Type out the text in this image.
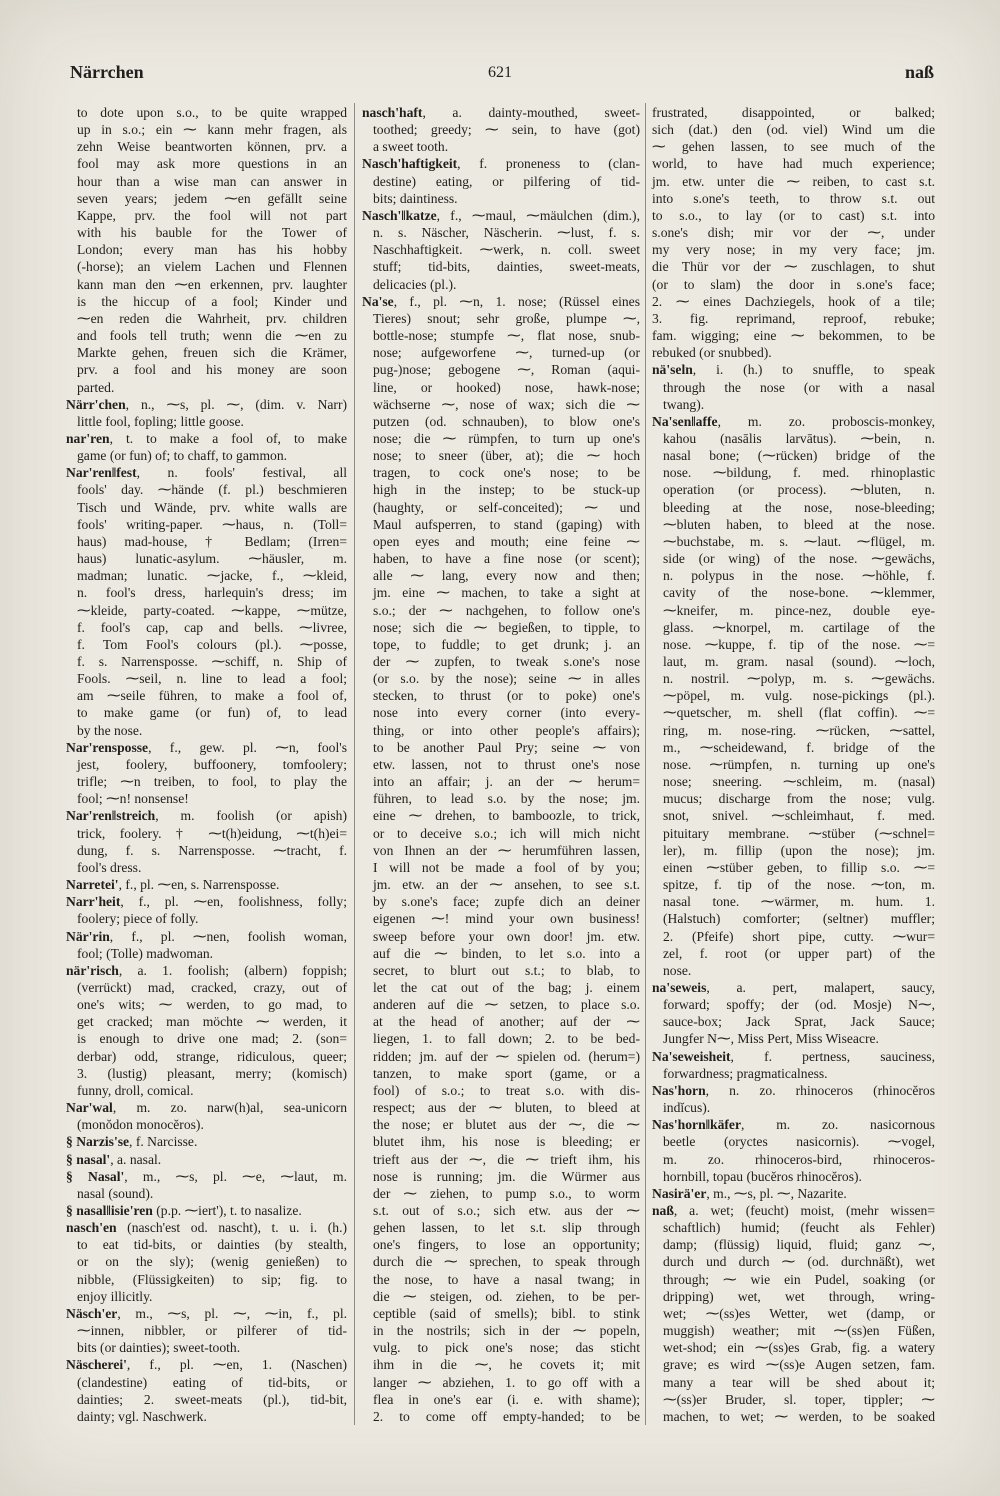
Närrchen	621	naß
to dote upon s.o., to be quite wrapped
up in s.o.; ein ⁓ kann mehr fragen, als
zehn Weise beantworten können, prv. a
fool may ask more questions in an
hour than a wise man can answer in
seven years; jedem ⁓en gefällt seine
Kappe, prv. the fool will not part
with his bauble for the Tower of
London; every man has his hobby
(-horse); an vielem Lachen und Flennen
kann man den ⁓en erkennen, prv. laughter
is the hiccup of a fool; Kinder und
⁓en reden die Wahrheit, prv. children
and fools tell truth; wenn die ⁓en zu
Markte gehen, freuen sich die Krämer,
prv. a fool and his money are soon
parted.
Närr'chen, n., ⁓s, pl. ⁓, (dim. v. Narr)
little fool, fopling; little goose.
nar'ren, t. to make a fool of, to make
game (or fun) of; to chaff, to gammon.
Nar'ren‖fest, n. fools' festival, all
fools' day. ⁓hände (f. pl.) beschmieren
Tisch und Wände, prv. white walls are
fools' writing-paper. ⁓haus, n. (Toll=
haus) mad-house, † Bedlam; (Irren=
haus) lunatic-asylum. ⁓häusler, m.
madman; lunatic. ⁓jacke, f., ⁓kleid,
n. fool's dress, harlequin's dress; im
⁓kleide, party-coated. ⁓kappe, ⁓mütze,
f. fool's cap, cap and bells. ⁓livree,
f. Tom Fool's colours (pl.). ⁓posse,
f. s. Narrensposse. ⁓schiff, n. Ship of
Fools. ⁓seil, n. line to lead a fool;
am ⁓seile führen, to make a fool of,
to make game (or fun) of, to lead
by the nose.
Nar'rensposse, f., gew. pl. ⁓n, fool's
jest, foolery, buffoonery, tomfoolery;
trifle; ⁓n treiben, to fool, to play the
fool; ⁓n! nonsense!
Nar'ren‖streich, m. foolish (or apish)
trick, foolery. † ⁓t(h)eidung, ⁓t(h)ei=
dung, f. s. Narrensposse. ⁓tracht, f.
fool's dress.
Narretei', f., pl. ⁓en, s. Narrensposse.
Narr'heit, f., pl. ⁓en, foolishness, folly;
foolery; piece of folly.
När'rin, f., pl. ⁓nen, foolish woman,
fool; (Tolle) madwoman.
när'risch, a. 1. foolish; (albern) foppish;
(verrückt) mad, cracked, crazy, out of
one's wits; ⁓ werden, to go mad, to
get cracked; man möchte ⁓ werden, it
is enough to drive one mad; 2. (son=
derbar) odd, strange, ridiculous, queer;
3. (lustig) pleasant, merry; (komisch)
funny, droll, comical.
Nar'wal, m. zo. narw(h)al, sea-unicorn
(monŏdon monocĕros).
§ Narzis'se, f. Narcisse.
§ nasal', a. nasal.
§ Nasal', m., ⁓s, pl. ⁓e, ⁓laut, m.
nasal (sound).
§ nasal‖isie'ren (p.p. ⁓iert'), t. to nasalize.
nasch'en (nasch'est od. nascht), t. u. i. (h.)
to eat tid-bits, or dainties (by stealth,
or on the sly); (wenig genießen) to
nibble, (Flüssigkeiten) to sip; fig. to
enjoy illicitly.
Näsch'er, m., ⁓s, pl. ⁓, ⁓in, f., pl.
⁓innen, nibbler, or pilferer of tid-
bits (or dainties); sweet-tooth.
Näscherei', f., pl. ⁓en, 1. (Naschen)
(clandestine) eating of tid-bits, or
dainties; 2. sweet-meats (pl.), tid-bit,
dainty; vgl. Naschwerk.
nasch'haft, a. dainty-mouthed, sweet-
toothed; greedy; ⁓ sein, to have (got)
a sweet tooth.
Nasch'haftigkeit, f. proneness to (clan-
destine) eating, or pilfering of tid-
bits; daintiness.
Nasch'‖katze, f., ⁓maul, ⁓mäulchen (dim.),
n. s. Näscher, Näscherin. ⁓lust, f. s.
Naschhaftigkeit. ⁓werk, n. coll. sweet
stuff; tid-bits, dainties, sweet-meats,
delicacies (pl.).
Na'se, f., pl. ⁓n, 1. nose; (Rüssel eines
Tieres) snout; sehr große, plumpe ⁓,
bottle-nose; stumpfe ⁓, flat nose, snub-
nose; aufgeworfene ⁓, turned-up (or
pug-)nose; gebogene ⁓, Roman (aqui-
line, or hooked) nose, hawk-nose;
wächserne ⁓, nose of wax; sich die ⁓
putzen (od. schnauben), to blow one's
nose; die ⁓ rümpfen, to turn up one's
nose; to sneer (über, at); die ⁓ hoch
tragen, to cock one's nose; to be
high in the instep; to be stuck-up
(haughty, or self-conceited); ⁓ und
Maul aufsperren, to stand (gaping) with
open eyes and mouth; eine feine ⁓
haben, to have a fine nose (or scent);
alle ⁓ lang, every now and then;
jm. eine ⁓ machen, to take a sight at
s.o.; der ⁓ nachgehen, to follow one's
nose; sich die ⁓ begießen, to tipple, to
tope, to fuddle; to get drunk; j. an
der ⁓ zupfen, to tweak s.one's nose
(or s.o. by the nose); seine ⁓ in alles
stecken, to thrust (or to poke) one's
nose into every corner (into every-
thing, or into other people's affairs);
to be another Paul Pry; seine ⁓ von
etw. lassen, not to thrust one's nose
into an affair; j. an der ⁓ herum=
führen, to lead s.o. by the nose; jm.
eine ⁓ drehen, to bamboozle, to trick,
or to deceive s.o.; ich will mich nicht
von Ihnen an der ⁓ herumführen lassen,
I will not be made a fool of by you;
jm. etw. an der ⁓ ansehen, to see s.t.
by s.one's face; zupfe dich an deiner
eigenen ⁓! mind your own business!
sweep before your own door! jm. etw.
auf die ⁓ binden, to let s.o. into a
secret, to blurt out s.t.; to blab, to
let the cat out of the bag; j. einem
anderen auf die ⁓ setzen, to place s.o.
at the head of another; auf der ⁓
liegen, 1. to fall down; 2. to be bed-
ridden; jm. auf der ⁓ spielen od. (herum=)
tanzen, to make sport (game, or a
fool) of s.o.; to treat s.o. with dis-
respect; aus der ⁓ bluten, to bleed at
the nose; er blutet aus der ⁓, die ⁓
blutet ihm, his nose is bleeding; er
trieft aus der ⁓, die ⁓ trieft ihm, his
nose is running; jm. die Würmer aus
der ⁓ ziehen, to pump s.o., to worm
s.t. out of s.o.; sich etw. aus der ⁓
gehen lassen, to let s.t. slip through
one's fingers, to lose an opportunity;
durch die ⁓ sprechen, to speak through
the nose, to have a nasal twang; in
die ⁓ steigen, od. ziehen, to be per-
ceptible (said of smells); bibl. to stink
in the nostrils; sich in der ⁓ popeln,
vulg. to pick one's nose; das sticht
ihm in die ⁓, he covets it; mit
langer ⁓ abziehen, 1. to go off with a
flea in one's ear (i. e. with shame);
2. to come off empty-handed; to be
frustrated, disappointed, or balked;
sich (dat.) den (od. viel) Wind um die
⁓ gehen lassen, to see much of the
world, to have had much experience;
jm. etw. unter die ⁓ reiben, to cast s.t.
into s.one's teeth, to throw s.t. out
to s.o., to lay (or to cast) s.t. into
s.one's dish; mir vor der ⁓, under
my very nose; in my very face; jm.
die Thür vor der ⁓ zuschlagen, to shut
(or to slam) the door in s.one's face;
2. ⁓ eines Dachziegels, hook of a tile;
3. fig. reprimand, reproof, rebuke;
fam. wigging; eine ⁓ bekommen, to be
rebuked (or snubbed).
nä'seln, i. (h.) to snuffle, to speak
through the nose (or with a nasal
twang).
Na'sen‖affe, m. zo. proboscis-monkey,
kahou (nasālis larvātus). ⁓bein, n.
nasal bone; (⁓rücken) bridge of the
nose. ⁓bildung, f. med. rhinoplastic
operation (or process). ⁓bluten, n.
bleeding at the nose, nose-bleeding;
⁓bluten haben, to bleed at the nose.
⁓buchstabe, m. s. ⁓laut. ⁓flügel, m.
side (or wing) of the nose. ⁓gewächs,
n. polypus in the nose. ⁓höhle, f.
cavity of the nose-bone. ⁓klemmer,
⁓kneifer, m. pince-nez, double eye-
glass. ⁓knorpel, m. cartilage of the
nose. ⁓kuppe, f. tip of the nose. ⁓=
laut, m. gram. nasal (sound). ⁓loch,
n. nostril. ⁓polyp, m. s. ⁓gewächs.
⁓pöpel, m. vulg. nose-pickings (pl.).
⁓quetscher, m. shell (flat coffin). ⁓=
ring, m. nose-ring. ⁓rücken, ⁓sattel,
m., ⁓scheidewand, f. bridge of the
nose. ⁓rümpfen, n. turning up one's
nose; sneering. ⁓schleim, m. (nasal)
mucus; discharge from the nose; vulg.
snot, snivel. ⁓schleimhaut, f. med.
pituitary membrane. ⁓stüber (⁓schnel=
ler), m. fillip (upon the nose); jm.
einen ⁓stüber geben, to fillip s.o. ⁓=
spitze, f. tip of the nose. ⁓ton, m.
nasal tone. ⁓wärmer, m. hum. 1.
(Halstuch) comforter; (seltner) muffler;
2. (Pfeife) short pipe, cutty. ⁓wur=
zel, f. root (or upper part) of the
nose.
na'seweis, a. pert, malapert, saucy,
forward; spoffy; der (od. Mosje) N⁓,
sauce-box; Jack Sprat, Jack Sauce;
Jungfer N⁓, Miss Pert, Miss Wiseacre.
Na'seweisheit, f. pertness, sauciness,
forwardness; pragmaticalness.
Nas'horn, n. zo. rhinoceros (rhinocĕros
indĭcus).
Nas'horn‖käfer, m. zo. nasicornous
beetle (oryctes nasicornis). ⁓vogel,
m. zo. rhinoceros-bird, rhinoceros-
hornbill, topau (bucĕros rhinocĕros).
Nasirä'er, m., ⁓s, pl. ⁓, Nazarite.
naß, a. wet; (feucht) moist, (mehr wissen=
schaftlich) humid; (feucht als Fehler)
damp; (flüssig) liquid, fluid; ganz ⁓,
durch und durch ⁓ (od. durchnäßt), wet
through; ⁓ wie ein Pudel, soaking (or
dripping) wet, wet through, wring-
wet; ⁓(ss)es Wetter, wet (damp, or
muggish) weather; mit ⁓(ss)en Füßen,
wet-shod; ein ⁓(ss)es Grab, fig. a watery
grave; es wird ⁓(ss)e Augen setzen, fam.
many a tear will be shed about it;
⁓(ss)er Bruder, sl. toper, tippler; ⁓
machen, to wet; ⁓ werden, to be soaked
